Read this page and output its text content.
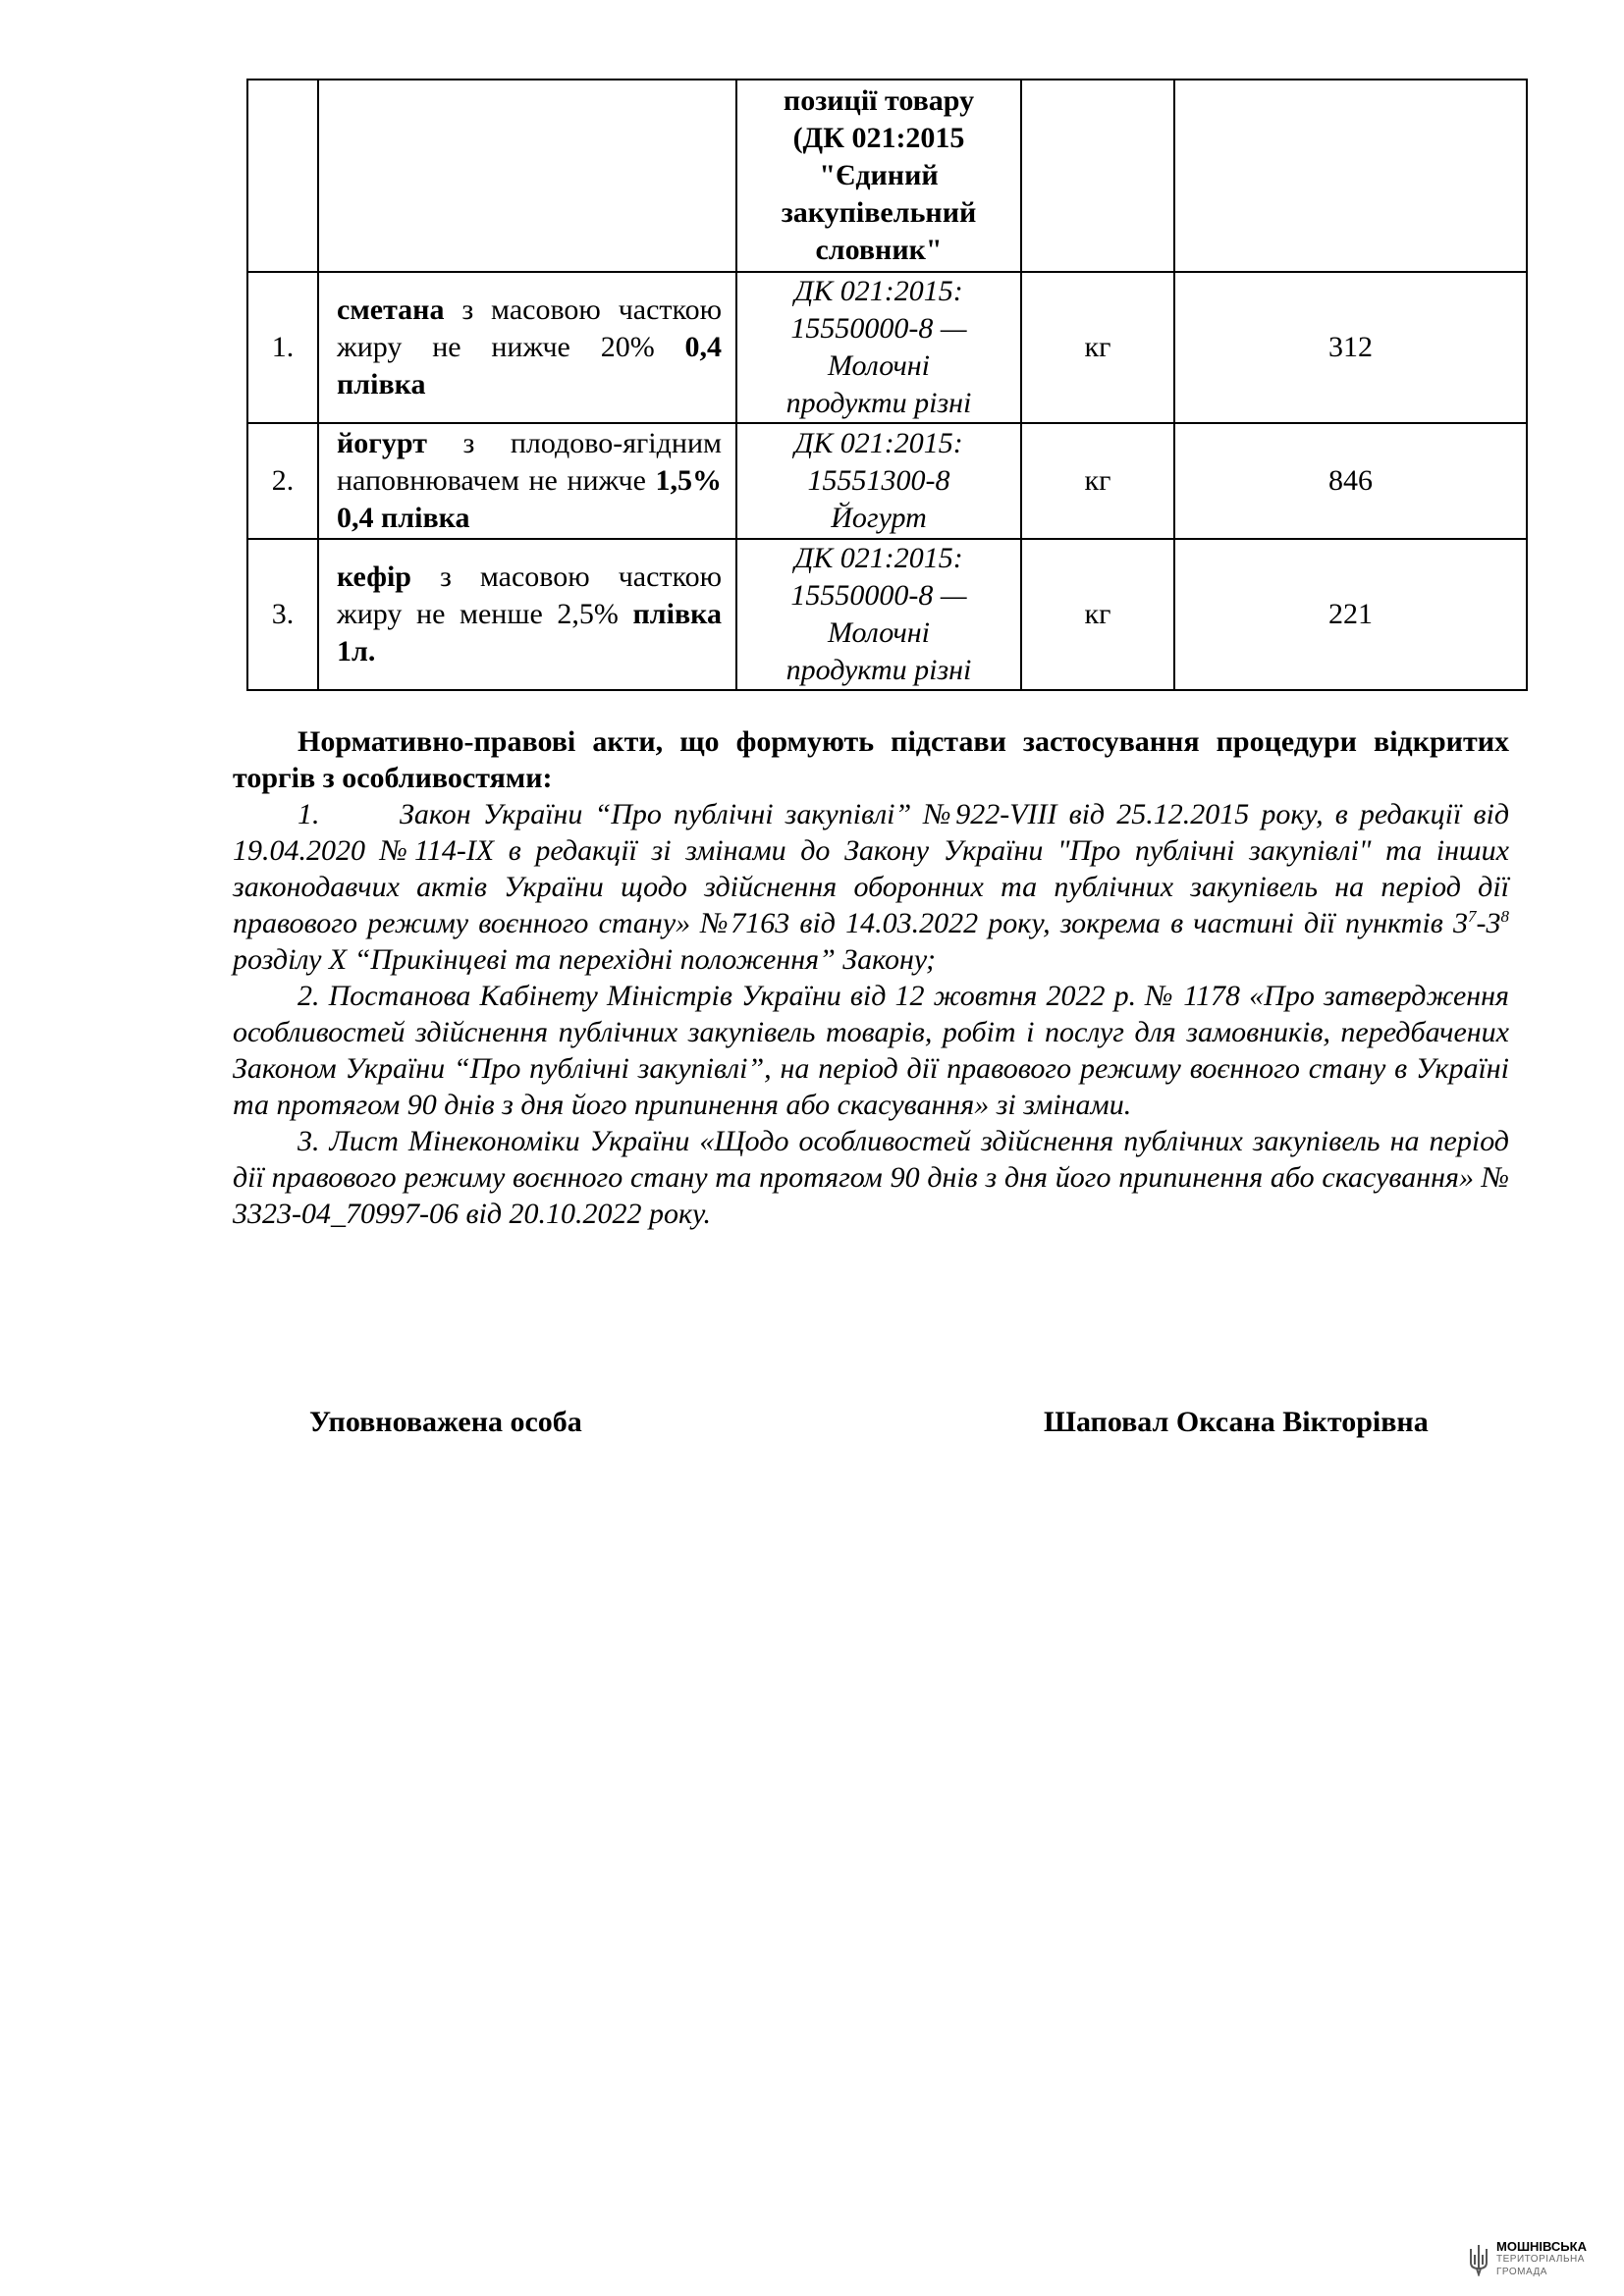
		позиції товару
(ДК 021:2015
"Єдиний
закупівельний
словник"		

1.	сметана з масовою часткою жиру не нижче 20% 0,4 плівка	ДК 021:2015:
15550000-8 —
Молочні
продукти різні	кг	312
2.	йогурт з плодово-ягідним наповнювачем не нижче 1,5% 0,4 плівка	ДК 021:2015:
15551300-8
Йогурт	кг	846
3.	кефір з масовою часткою жиру не менше 2,5% плівка 1л.	ДК 021:2015:
15550000-8 —
Молочні
продукти різні	кг	221
Нормативно-правові акти, що формують підстави застосування процедури відкритих торгів з особливостями:

1.	Закон України “Про публічні закупівлі” №922-VIII від 25.12.2015 року, в редакції від 19.04.2020 №114-IX в редакції зі змінами до Закону України "Про публічні закупівлі" та інших законодавчих актів України щодо здійснення оборонних та публічних закупівель на період дії правового режиму воєнного стану» №7163 від 14.03.2022 року, зокрема в частині дії пунктів $3^7-3^8$ розділу X “Прикінцеві та перехідні положення” Закону;

2. Постанова Кабінету Міністрів України від 12 жовтня 2022 р. № 1178 «Про затвердження особливостей здійснення публічних закупівель товарів, робіт і послуг для замовників, передбачених Законом України “Про публічні закупівлі”, на період дії правового режиму воєнного стану в Україні та протягом 90 днів з дня його припинення або скасування» зі змінами.

3. Лист Мінекономіки України «Щодо особливостей здійснення публічних закупівель на період дії правового режиму воєнного стану та протягом 90 днів з дня його припинення або скасування» № 3323-04_70997-06 від 20.10.2022 року.

Уповноважена особа	Шаповал Оксана Вікторівна
МОШНІВСЬКА
ТЕРИТОРІАЛЬНА
ГРОМАДА
